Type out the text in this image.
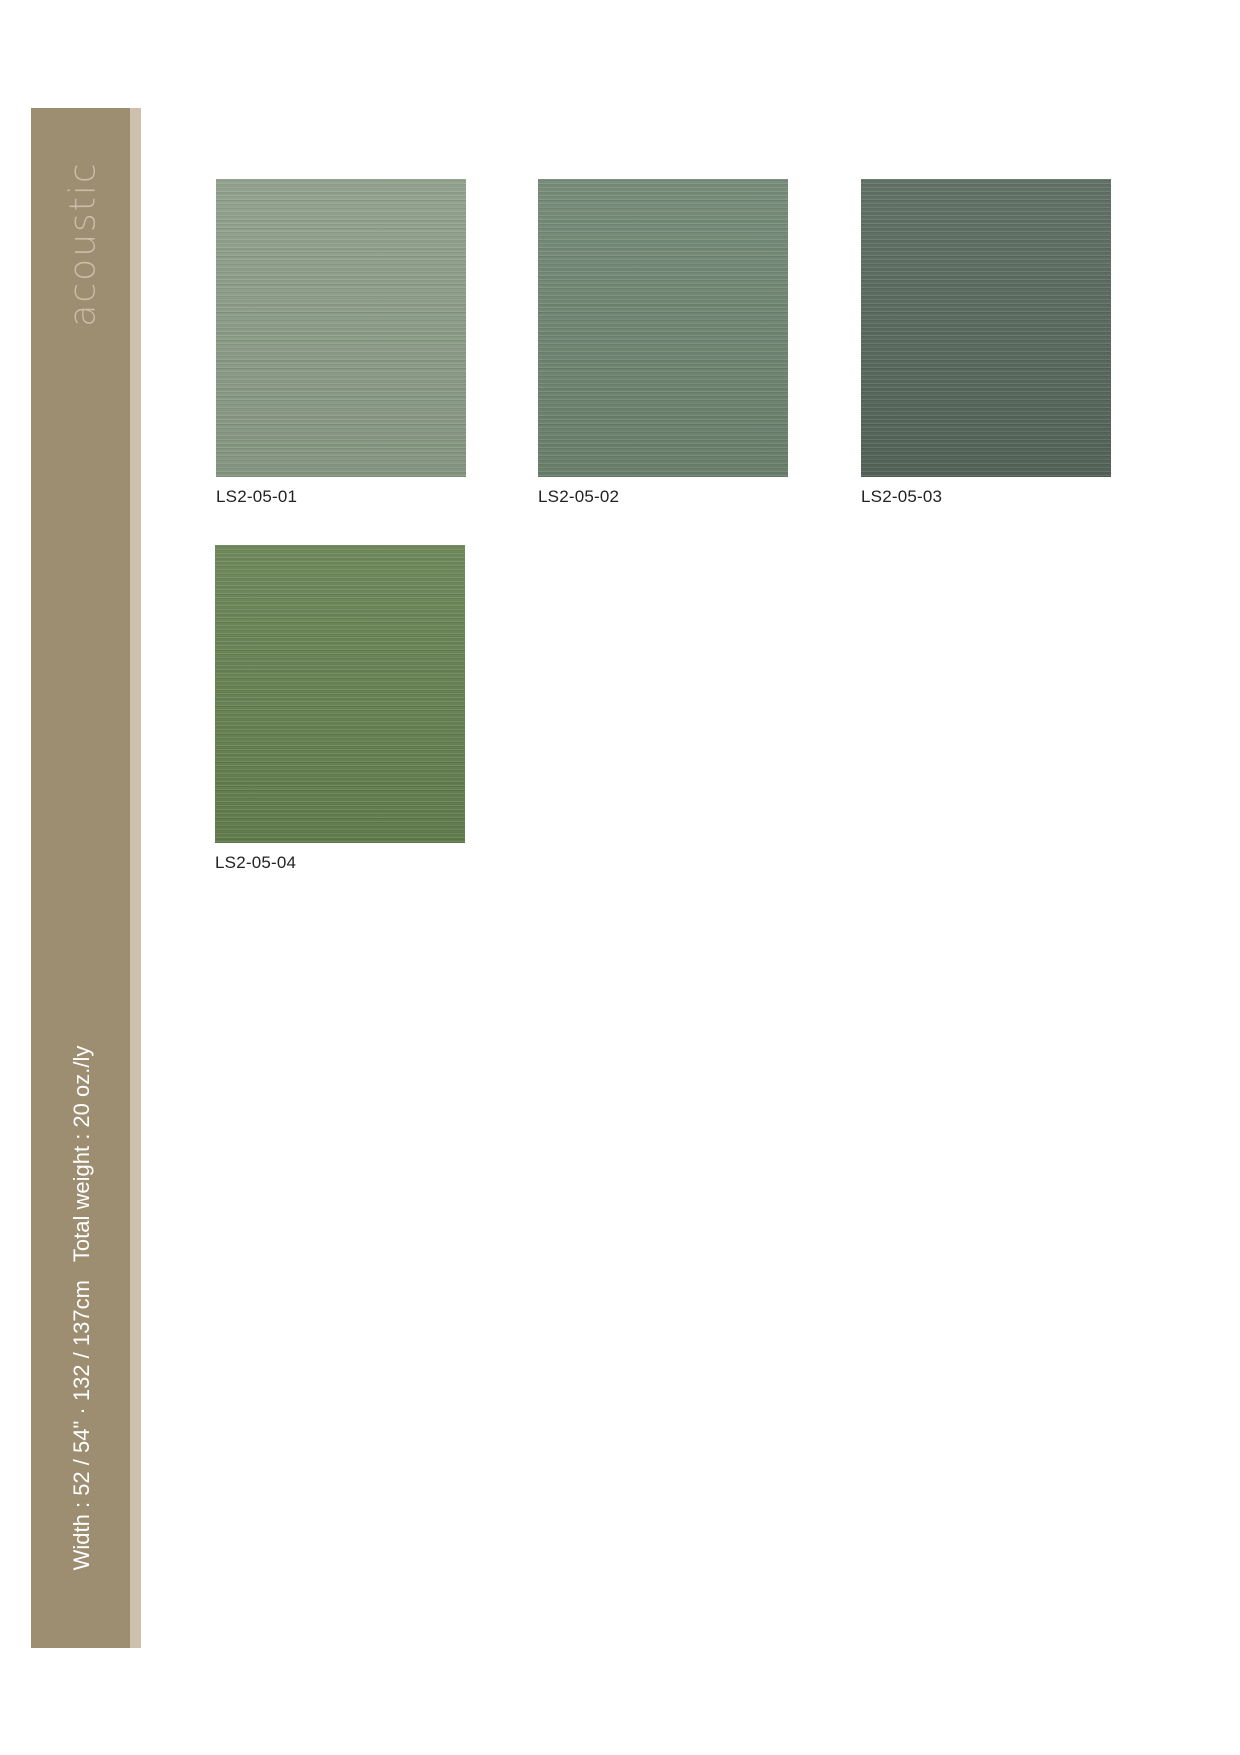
acoustic
Width : 52 / 54" · 132 / 137cmTotal weight : 20 oz./ly
LS2-05-01	LS2-05-02	LS2-05-03
LS2-05-04
